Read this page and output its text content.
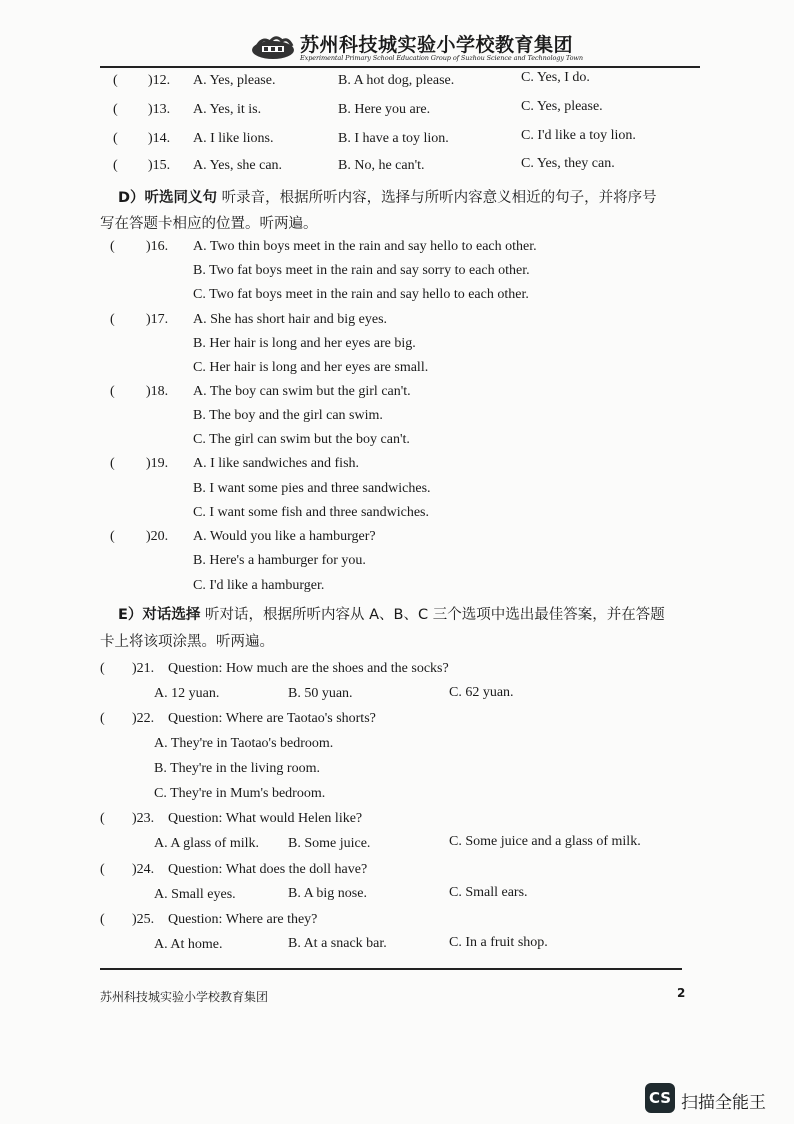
苏州科技城实验小学校教育集团
Experimental Primary School Education Group of Suzhou Science and Technology Town
( )12. A. Yes, please.	B. A hot dog, please.	C. Yes, I do.
( )13. A. Yes, it is.	B. Here you are.	C. Yes, please.
( )14. A. I like lions.	B. I have a toy lion.	C. I'd like a toy lion.
( )15. A. Yes, she can.	B. No, he can't.	C. Yes, they can.
D）听选同义句 听录音，根据所听内容，选择与所听内容意义相近的句子，并将序号
写在答题卡相应的位置。听两遍。
( )16. A. Two thin boys meet in the rain and say hello to each other.
B. Two fat boys meet in the rain and say sorry to each other.
C. Two fat boys meet in the rain and say hello to each other.
( )17. A. She has short hair and big eyes.
B. Her hair is long and her eyes are big.
C. Her hair is long and her eyes are small.
( )18. A. The boy can swim but the girl can't.
B. The boy and the girl can swim.
C. The girl can swim but the boy can't.
( )19. A. I like sandwiches and fish.
B. I want some pies and three sandwiches.
C. I want some fish and three sandwiches.
( )20. A. Would you like a hamburger?
B. Here's a hamburger for you.
C. I'd like a hamburger.
E）对话选择 听对话，根据所听内容从 A、B、C 三个选项中选出最佳答案，并在答题
卡上将该项涂黑。听两遍。
( )21. Question: How much are the shoes and the socks?
A. 12 yuan.	B. 50 yuan.	C. 62 yuan.
( )22. Question: Where are Taotao's shorts?
A. They're in Taotao's bedroom.
B. They're in the living room.
C. They're in Mum's bedroom.
( )23. Question: What would Helen like?
A. A glass of milk. B. Some juice.	C. Some juice and a glass of milk.
( )24. Question: What does the doll have?
A. Small eyes.	B. A big nose.	C. Small ears.
( )25. Question: Where are they?
A. At home.	B. At a snack bar.	C. In a fruit shop.
苏州科技城实验小学校教育集团	2
CS 扫描全能王
